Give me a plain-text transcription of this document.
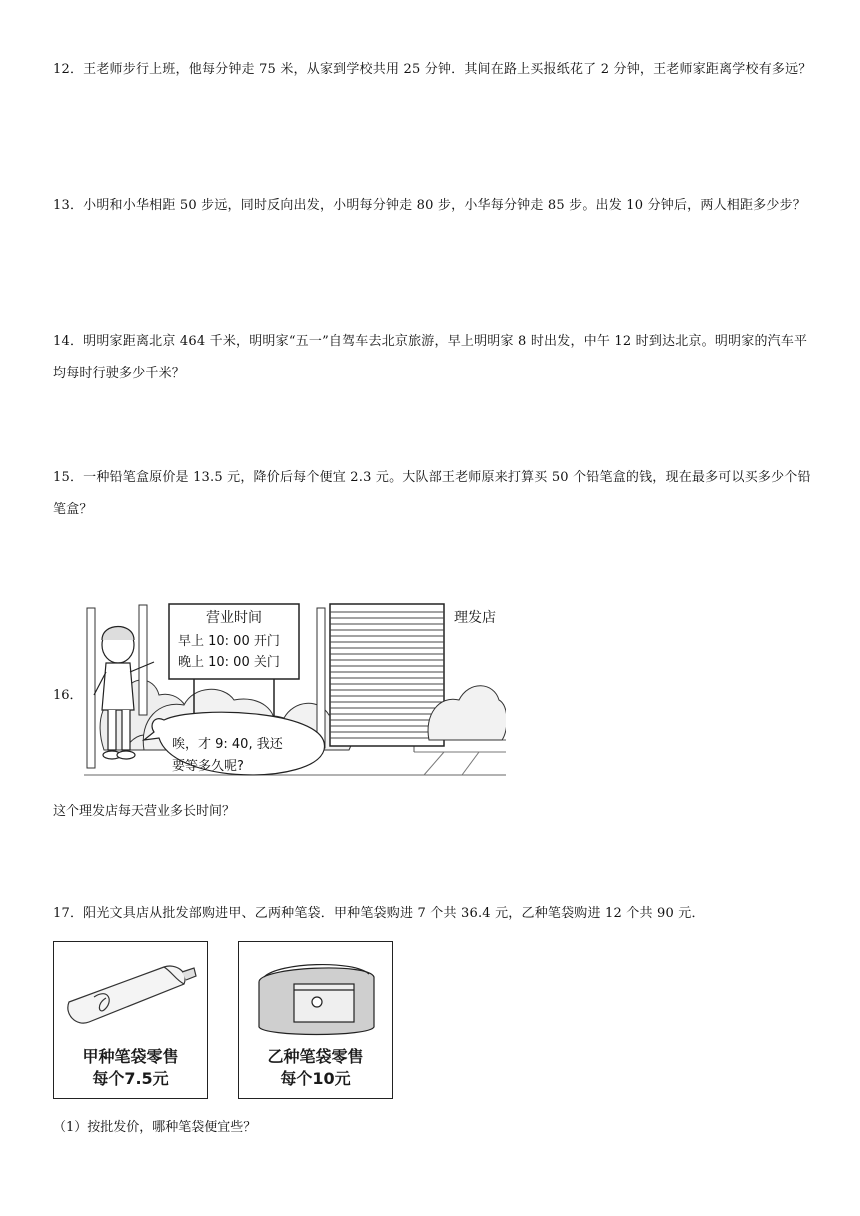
12．王老师步行上班，他每分钟走 75 米，从家到学校共用 25 分钟．其间在路上买报纸花了 2 分钟，王老师家距离学校有多远？
13．小明和小华相距 50 步远，同时反向出发，小明每分钟走 80 步，小华每分钟走 85 步。出发 10 分钟后，两人相距多少步？
14．明明家距离北京 464 千米，明明家“五一”自驾车去北京旅游，早上明明家 8 时出发，中午 12 时到达北京。明明家的汽车平均每时行驶多少千米？
15．一种铅笔盒原价是 13.5 元，降价后每个便宜 2.3 元。大队部王老师原来打算买 50 个铅笔盒的钱，现在最多可以买多少个铅笔盒？
16．
营业时间
早上 10: 00 开门
晚上 10: 00 关门
理发店
唉，才 9: 40, 我还
要等多久呢?
这个理发店每天营业多长时间？
17．阳光文具店从批发部购进甲、乙两种笔袋．甲种笔袋购进 7 个共 36.4 元，乙种笔袋购进 12 个共 90 元．
甲种笔袋零售
每个7.5元
乙种笔袋零售
每个10元
（1）按批发价，哪种笔袋便宜些？
